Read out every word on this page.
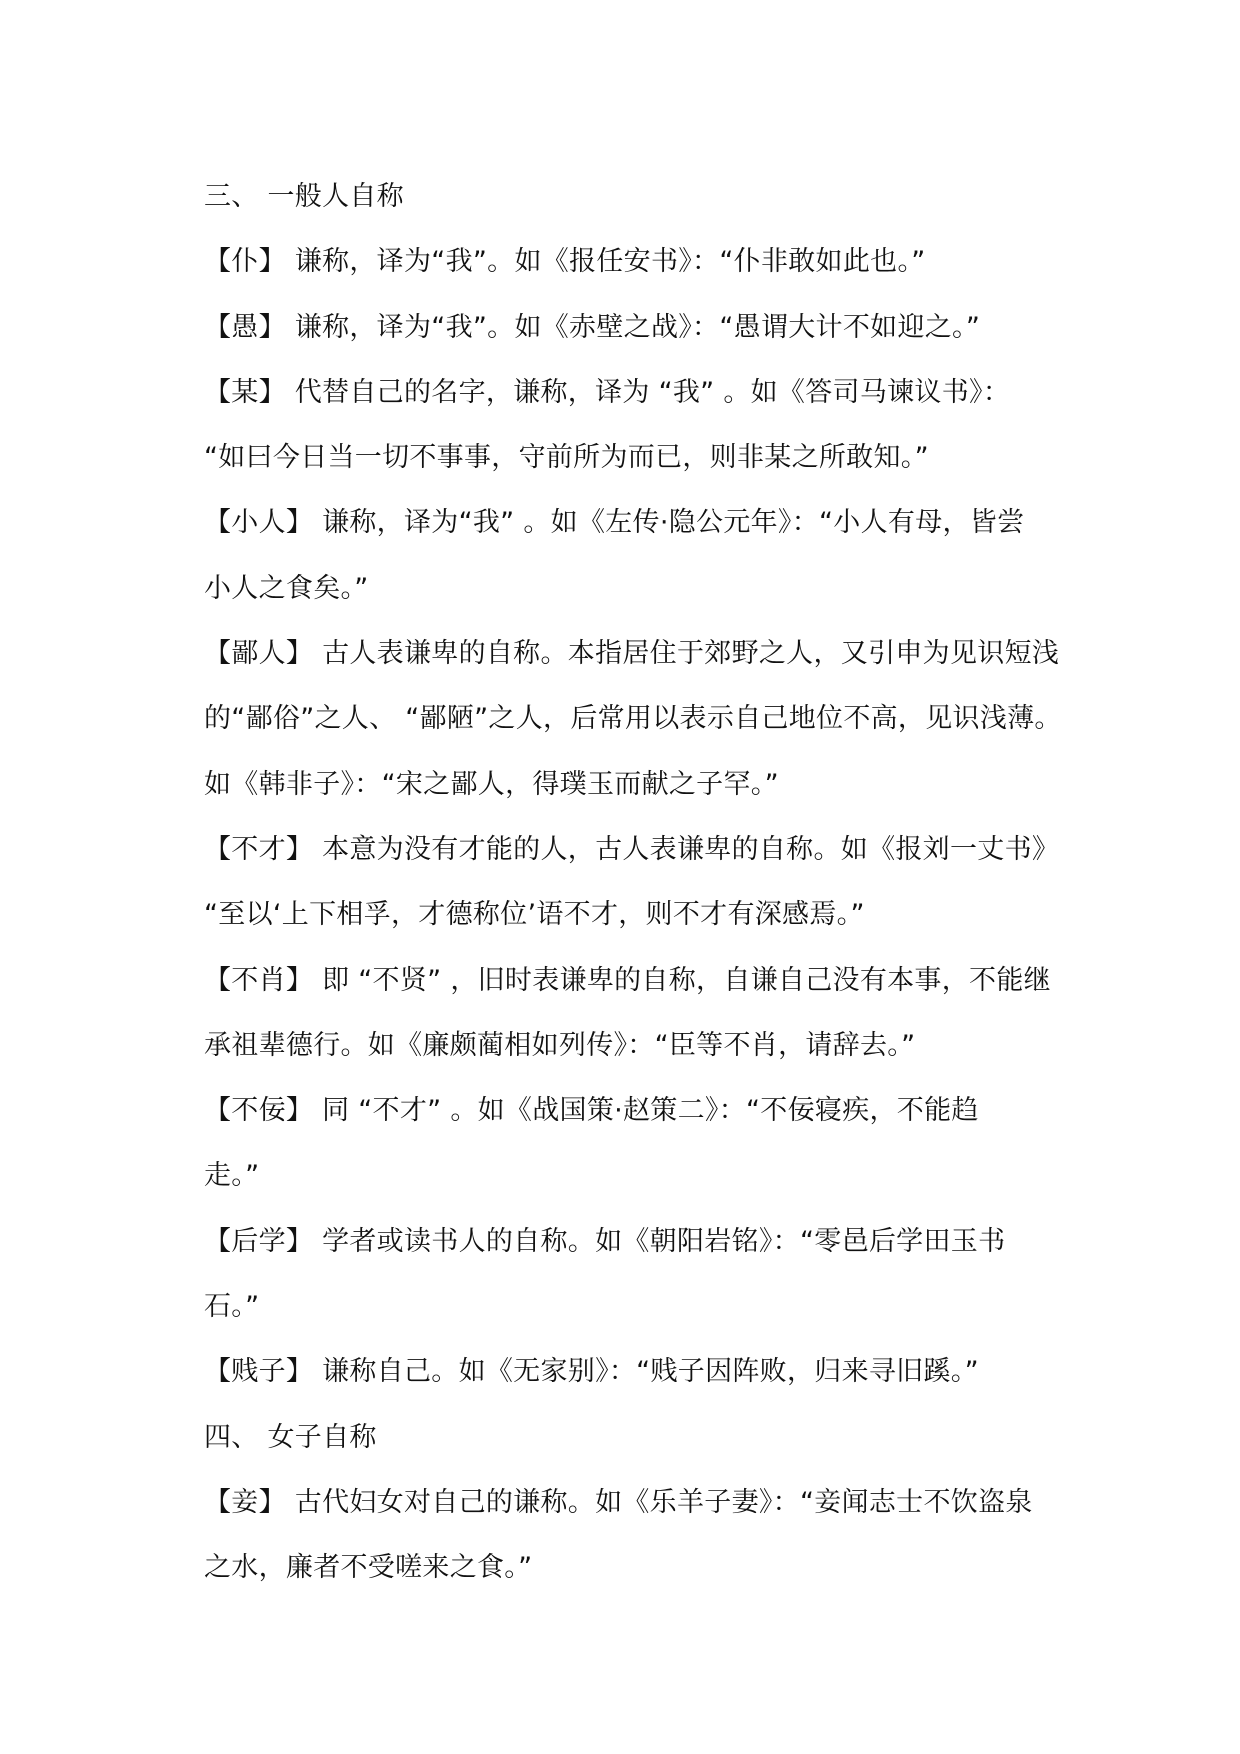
三、 一般人自称
【仆】 谦称，译为“我”。如《报任安书》：“仆非敢如此也。”
【愚】 谦称，译为“我”。如《赤壁之战》：“愚谓大计不如迎之。”
【某】 代替自己的名字，谦称，译为 “我” 。如《答司马谏议书》：
“如曰今日当一切不事事，守前所为而已，则非某之所敢知。”
【小人】 谦称，译为“我” 。如《左传·隐公元年》：“小人有母，皆尝
小人之食矣。”
【鄙人】 古人表谦卑的自称。本指居住于郊野之人，又引申为见识短浅
的“鄙俗”之人、 “鄙陋”之人，后常用以表示自己地位不高，见识浅薄。
如《韩非子》：“宋之鄙人，得璞玉而献之子罕。”
【不才】 本意为没有才能的人，古人表谦卑的自称。如《报刘一丈书》
“至以‘上下相孚，才德称位’语不才，则不才有深感焉。”
【不肖】 即 “不贤” ，旧时表谦卑的自称，自谦自己没有本事，不能继
承祖辈德行。如《廉颇蔺相如列传》：“臣等不肖，请辞去。”
【不佞】 同 “不才” 。如《战国策·赵策二》：“不佞寝疾，不能趋
走。”
【后学】 学者或读书人的自称。如《朝阳岩铭》：“零邑后学田玉书
石。”
【贱子】 谦称自己。如《无家别》：“贱子因阵败，归来寻旧蹊。”
四、 女子自称
【妾】 古代妇女对自己的谦称。如《乐羊子妻》：“妾闻志士不饮盗泉
之水，廉者不受嗟来之食。”
